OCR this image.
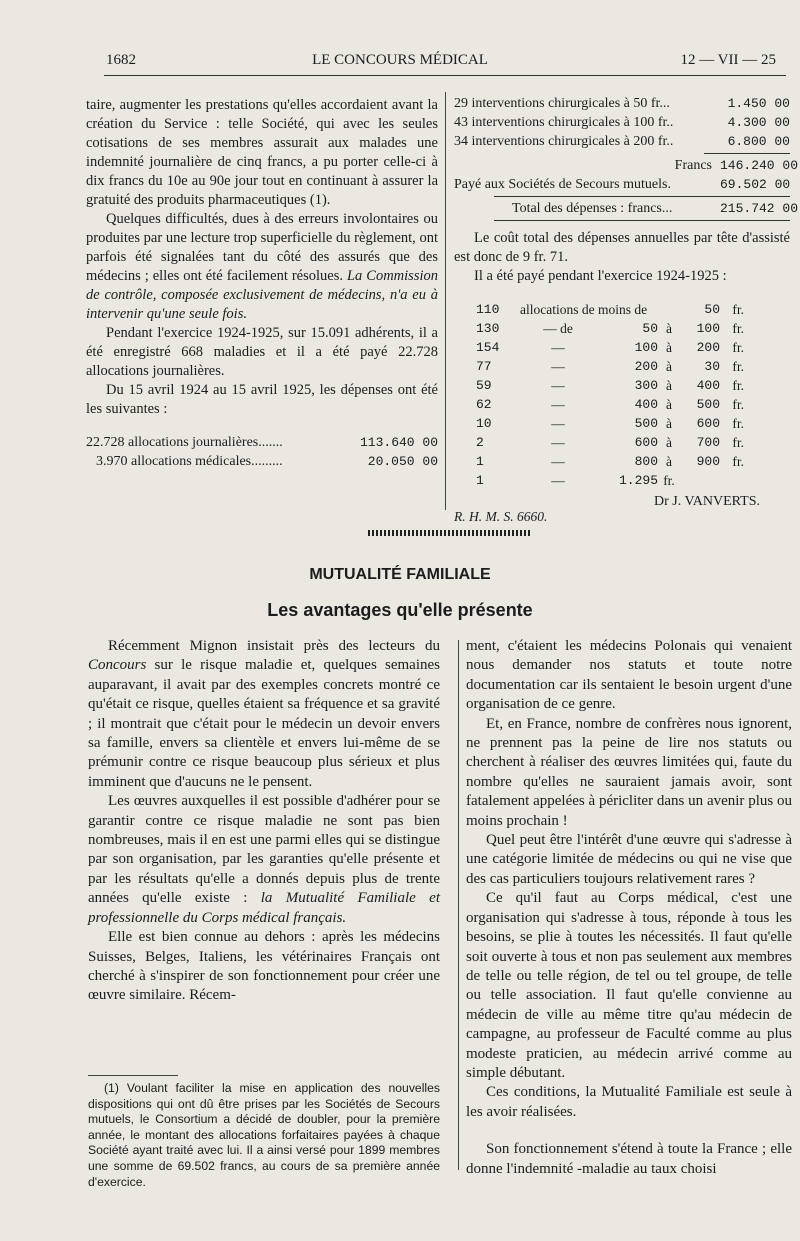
1682	LE CONCOURS MÉDICAL	12 — VII — 25

taire, augmenter les prestations qu'elles accordaient avant la création du Service : telle Société, qui avec les seules cotisations de ses membres assurait aux malades une indemnité journalière de cinq francs, a pu porter celle-ci à dix francs du 10e au 90e jour tout en continuant à assurer la gratuité des produits pharmaceutiques (1).

Quelques difficultés, dues à des erreurs involontaires ou produites par une lecture trop superficielle du règlement, ont parfois été signalées tant du côté des assurés que des médecins ; elles ont été facilement résolues. La Commission de contrôle, composée exclusivement de médecins, n'a eu à intervenir qu'une seule fois.

Pendant l'exercice 1924-1925, sur 15.091 adhérents, il a été enregistré 668 maladies et il a été payé 22.728 allocations journalières.

Du 15 avril 1924 au 15 avril 1925, les dépenses ont été les suivantes :

22.728 allocations journalières.......	113.640 00
3.970 allocations médicales.........	20.050 00
29 interventions chirurgicales à 50 fr...	1.450 00
43 interventions chirurgicales à 100 fr..	4.300 00
34 interventions chirurgicales à 200 fr..	6.800 00
Francs 146.240 00
Payé aux Sociétés de Secours mutuels.	69.502 00
Total des dépenses : francs...	215.742 00

Le coût total des dépenses annuelles par tête d'assisté est donc de 9 fr. 71.

Il a été payé pendant l'exercice 1924-1925 :

110	allocations de moins de			50	fr.
130	— de	50	à	100	fr.
154	—	100	à	200	fr.
77	—	200	à	30	fr.
59	—	300	à	400	fr.
62	—	400	à	500	fr.
10	—	500	à	600	fr.
2	—	600	à	700	fr.
1	—	800	à	900	fr.
1	—	1.295	fr.		
Dr J. VANVERTS.
R. H. M. S. 6660.
MUTUALITÉ FAMILIALE
Les avantages qu'elle présente

Récemment Mignon insistait près des lecteurs du Concours sur le risque maladie et, quelques semaines auparavant, il avait par des exemples concrets montré ce qu'était ce risque, quelles étaient sa fréquence et sa gravité ; il montrait que c'était pour le médecin un devoir envers sa famille, envers sa clientèle et envers lui-même de se prémunir contre ce risque beaucoup plus sérieux et plus imminent que d'aucuns ne le pensent.

Les œuvres auxquelles il est possible d'adhérer pour se garantir contre ce risque maladie ne sont pas bien nombreuses, mais il en est une parmi elles qui se distingue par son organisation, par les garanties qu'elle présente et par les résultats qu'elle a donnés depuis plus de trente années qu'elle existe : la Mutualité Familiale et professionnelle du Corps médical français.

Elle est bien connue au dehors : après les médecins Suisses, Belges, Italiens, les vétérinaires Français ont cherché à s'inspirer de son fonctionnement pour créer une œuvre similaire. Récem-

(1) Voulant faciliter la mise en application des nouvelles dispositions qui ont dû être prises par les Sociétés de Secours mutuels, le Consortium a décidé de doubler, pour la première année, le montant des allocations forfaitaires payées à chaque Société ayant traité avec lui. Il a ainsi versé pour 1899 membres une somme de 69.502 francs, au cours de sa première année d'exercice.

ment, c'étaient les médecins Polonais qui venaient nous demander nos statuts et toute notre documentation car ils sentaient le besoin urgent d'une organisation de ce genre.

Et, en France, nombre de confrères nous ignorent, ne prennent pas la peine de lire nos statuts ou cherchent à réaliser des œuvres limitées qui, faute du nombre qu'elles ne sauraient jamais avoir, sont fatalement appelées à péricliter dans un avenir plus ou moins prochain !

Quel peut être l'intérêt d'une œuvre qui s'adresse à une catégorie limitée de médecins ou qui ne vise que des cas particuliers toujours relativement rares ?

Ce qu'il faut au Corps médical, c'est une organisation qui s'adresse à tous, réponde à tous les besoins, se plie à toutes les nécessités. Il faut qu'elle soit ouverte à tous et non pas seulement aux membres de telle ou telle région, de tel ou tel groupe, de telle ou telle association. Il faut qu'elle convienne au médecin de ville au même titre qu'au médecin de campagne, au professeur de Faculté comme au plus modeste praticien, au médecin arrivé comme au simple débutant.

Ces conditions, la Mutualité Familiale est seule à les avoir réalisées.

Son fonctionnement s'étend à toute la France ; elle donne l'indemnité -maladie au taux choisi
